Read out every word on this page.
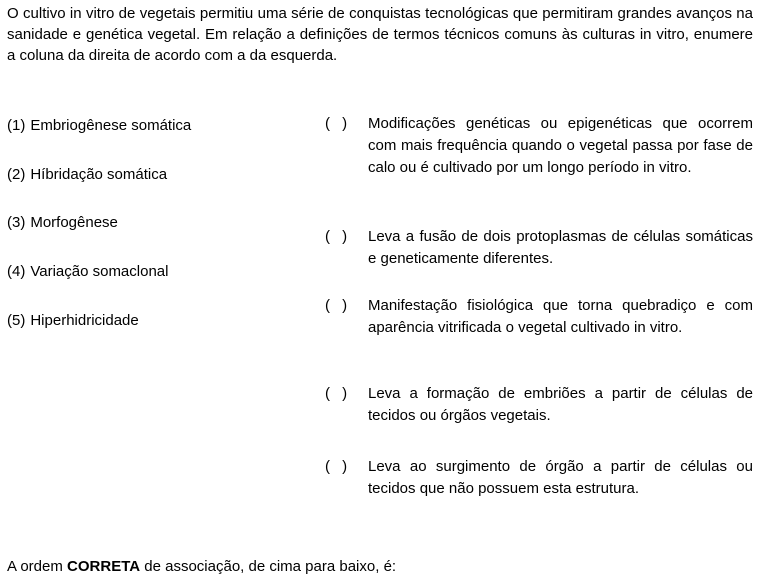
O cultivo in vitro de vegetais permitiu uma série de conquistas tecnológicas que permitiram grandes avanços na sanidade e genética vegetal. Em relação a definições de termos técnicos comuns às culturas in vitro, enumere a coluna da direita de acordo com a da esquerda.

(1) Embriogênese somática
(2) Híbridação somática
(3) Morfogênese
(4) Variação somaclonal
(5) Hiperhidricidade
( )	Modificações genéticas ou epigenéticas que ocorrem com mais frequência quando o vegetal passa por fase de calo ou é cultivado por um longo período in vitro.
( )	Leva a fusão de dois protoplasmas de células somáticas e geneticamente diferentes.
( )	Manifestação fisiológica que torna quebradiço e com aparência vitrificada o vegetal cultivado in vitro.
( )	Leva a formação de embriões a partir de células de tecidos ou órgãos vegetais.
( )	Leva ao surgimento de órgão a partir de células ou tecidos que não possuem esta estrutura.

A ordem CORRETA de associação, de cima para baixo, é:
